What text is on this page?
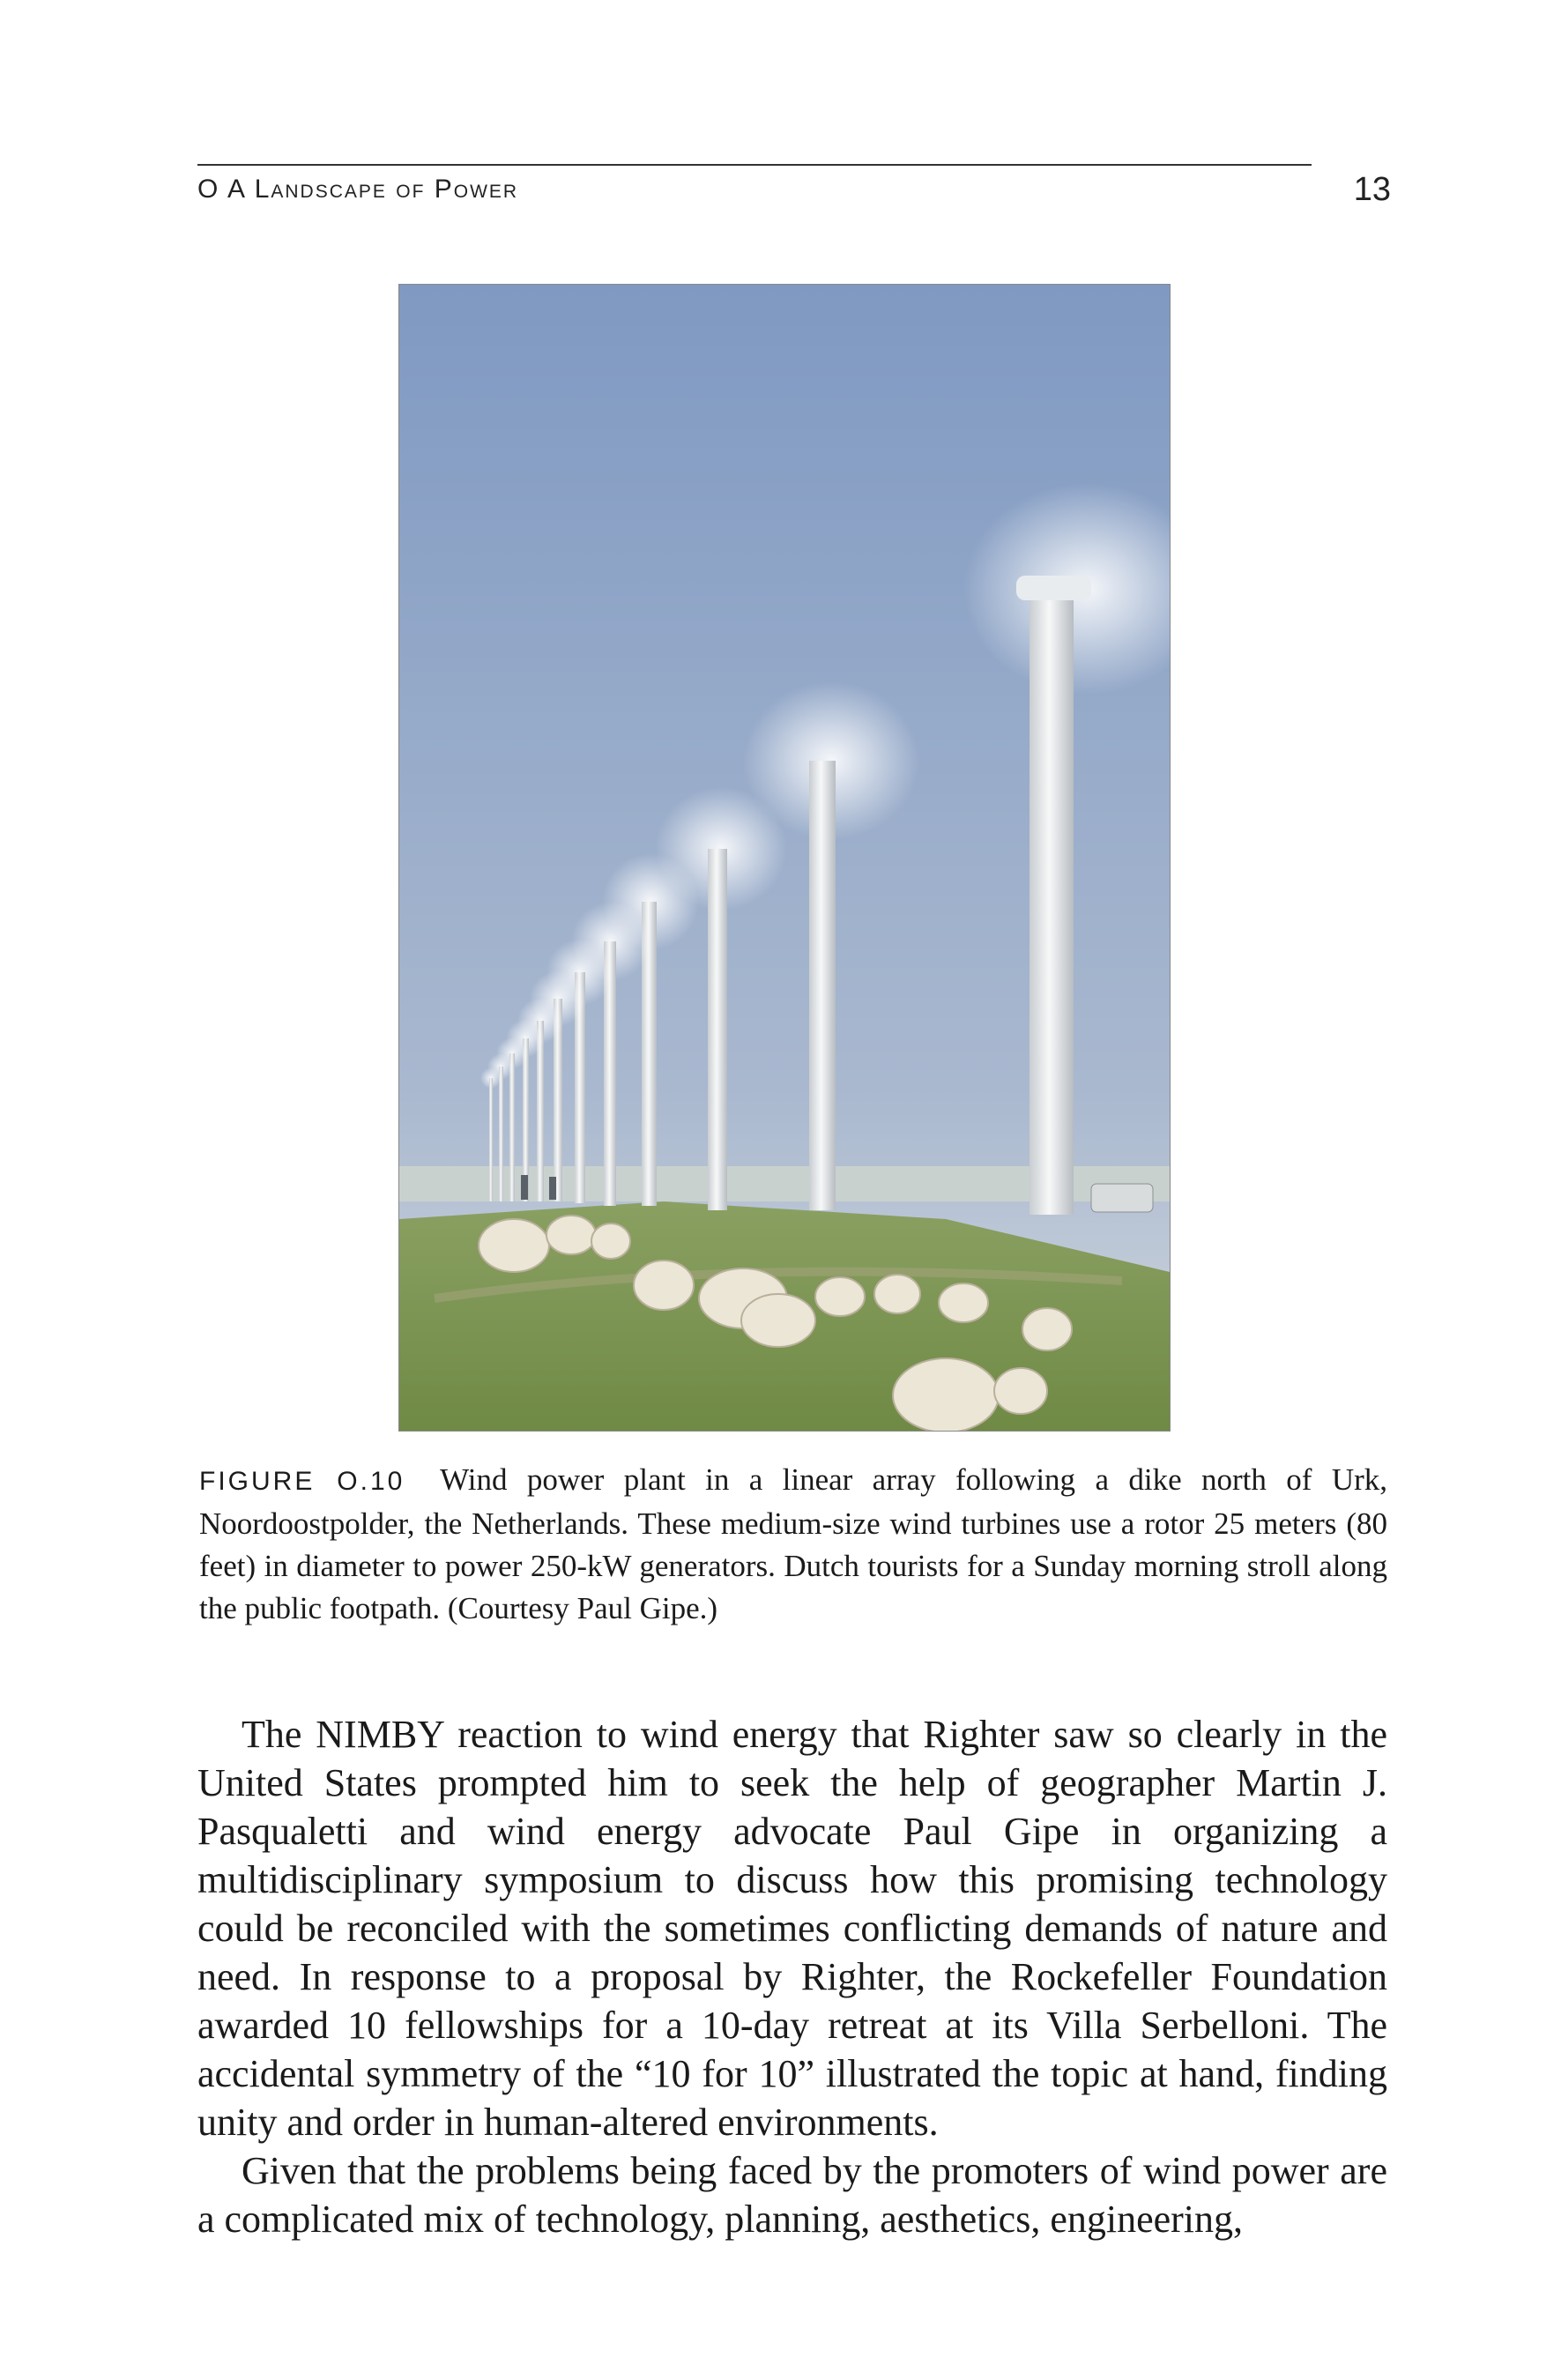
O A Landscape of Power	13
FIGURE O.10 Wind power plant in a linear array following a dike north of Urk, Noordoostpolder, the Netherlands. These medium-size wind turbines use a rotor 25 meters (80 feet) in diameter to power 250-kW generators. Dutch tourists for a Sunday morning stroll along the public footpath. (Courtesy Paul Gipe.)

The NIMBY reaction to wind energy that Righter saw so clearly in the United States prompted him to seek the help of geographer Martin J. Pasqualetti and wind energy advocate Paul Gipe in organizing a multidisciplinary symposium to discuss how this promising technology could be reconciled with the sometimes conflicting demands of nature and need. In response to a proposal by Righter, the Rockefeller Foundation awarded 10 fellowships for a 10-day retreat at its Villa Serbelloni. The accidental symmetry of the “10 for 10” illustrated the topic at hand, finding unity and order in human-altered environments.

Given that the problems being faced by the promoters of wind power are a complicated mix of technology, planning, aesthetics, engineering,
